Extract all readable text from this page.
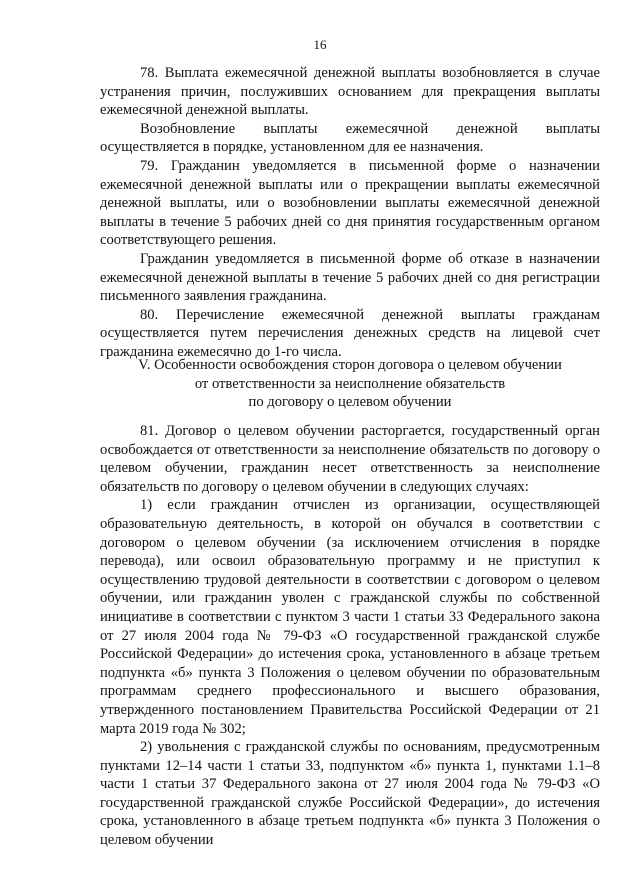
16

78. Выплата ежемесячной денежной выплаты возобновляется в случае устранения причин, послуживших основанием для прекращения выплаты ежемесячной денежной выплаты.

Возобновление выплаты ежемесячной денежной выплаты осуществляется в порядке, установленном для ее назначения.

79. Гражданин уведомляется в письменной форме о назначении ежемесячной денежной выплаты или о прекращении выплаты ежемесячной денежной выплаты, или о возобновлении выплаты ежемесячной денежной выплаты в течение 5 рабочих дней со дня принятия государственным органом соответствующего решения.

Гражданин уведомляется в письменной форме об отказе в назначении ежемесячной денежной выплаты в течение 5 рабочих дней со дня регистрации письменного заявления гражданина.

80. Перечисление ежемесячной денежной выплаты гражданам осуществляется путем перечисления денежных средств на лицевой счет гражданина ежемесячно до 1-го числа.

V. Особенности освобождения сторон договора о целевом обучении
от ответственности за неисполнение обязательств
по договору о целевом обучении

81. Договор о целевом обучении расторгается, государственный орган освобождается от ответственности за неисполнение обязательств по договору о целевом обучении, гражданин несет ответственность за неисполнение обязательств по договору о целевом обучении в следующих случаях:

1) если гражданин отчислен из организации, осуществляющей образовательную деятельность, в которой он обучался в соответствии с договором о целевом обучении (за исключением отчисления в порядке перевода), или освоил образовательную программу и не приступил к осуществлению трудовой деятельности в соответствии с договором о целевом обучении, или гражданин уволен с гражданской службы по собственной инициативе в соответствии с пунктом 3 части 1 статьи 33 Федерального закона от 27 июля 2004 года № 79-ФЗ «О государственной гражданской службе Российской Федерации» до истечения срока, установленного в абзаце третьем подпункта «б» пункта 3 Положения о целевом обучении по образовательным программам среднего профессионального и высшего образования, утвержденного постановлением Правительства Российской Федерации от 21 марта 2019 года № 302;

2) увольнения с гражданской службы по основаниям, предусмотренным пунктами 12–14 части 1 статьи 33, подпунктом «б» пункта 1, пунктами 1.1–8 части 1 статьи 37 Федерального закона от 27 июля 2004 года № 79-ФЗ «О государственной гражданской службе Российской Федерации», до истечения срока, установленного в абзаце третьем подпункта «б» пункта 3 Положения о целевом обучении
